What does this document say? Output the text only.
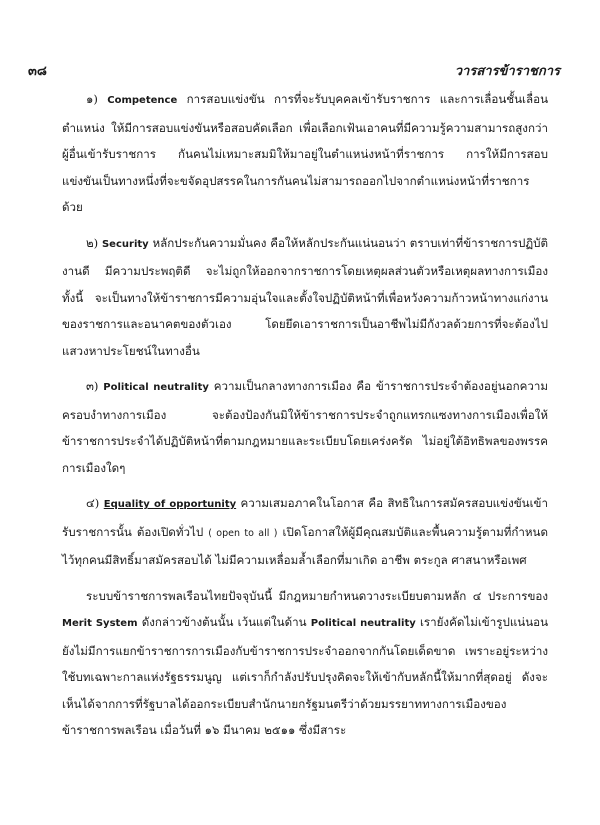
๓๘	วารสารข้าราชการ

๑) Competence การสอบแข่งขัน การที่จะรับบุคคลเข้ารับราชการ และการเลื่อนชั้นเลื่อนตำแหน่ง ให้มีการสอบแข่งขันหรือสอบคัดเลือก เพื่อเลือกเฟ้นเอาคนที่มีความรู้ความสามารถสูงกว่าผู้อื่นเข้ารับราชการ กันคนไม่เหมาะสมมิให้มาอยู่ในตำแหน่งหน้าที่ราชการ การให้มีการสอบแข่งขันเป็นทางหนึ่งที่จะขจัดอุปสรรคในการกันคนไม่สามารถออกไปจากตำแหน่งหน้าที่ราชการด้วย

๒) Security หลักประกันความมั่นคง คือให้หลักประกันแน่นอนว่า ตราบเท่าที่ข้าราชการปฏิบัติงานดี มีความประพฤติดี จะไม่ถูกให้ออกจากราชการโดยเหตุผลส่วนตัวหรือเหตุผลทางการเมือง ทั้งนี้ จะเป็นทางให้ข้าราชการมีความอุ่นใจและตั้งใจปฏิบัติหน้าที่เพื่อหวังความก้าวหน้าทางแก่งานของราชการและอนาคตของตัวเอง โดยยึดเอาราชการเป็นอาชีพไม่มีกังวลด้วยการที่จะต้องไปแสวงหาประโยชน์ในทางอื่น

๓) Political neutrality ความเป็นกลางทางการเมือง คือ ข้าราชการประจำต้องอยู่นอกความครอบงำทางการเมือง จะต้องป้องกันมิให้ข้าราชการประจำถูกแทรกแซงทางการเมืองเพื่อให้ข้าราชการประจำได้ปฏิบัติหน้าที่ตามกฎหมายและระเบียบโดยเคร่งครัด ไม่อยู่ใต้อิทธิพลของพรรคการเมืองใดๆ

๔) Equality of opportunity ความเสมอภาคในโอกาส คือ สิทธิในการสมัครสอบแข่งขันเข้ารับราชการนั้น ต้องเปิดทั่วไป ( open to all ) เปิดโอกาสให้ผู้มีคุณสมบัติและพื้นความรู้ตามที่กำหนดไว้ทุกคนมีสิทธิ์มาสมัครสอบได้ ไม่มีความเหลื่อมล้ำเลือกที่มาเกิด อาชีพ ตระกูล ศาสนาหรือเพศ

ระบบข้าราชการพลเรือนไทยปัจจุบันนี้ มีกฎหมายกำหนดวางระเบียบตามหลัก ๔ ประการของ Merit System ดังกล่าวข้างต้นนั้น เว้นแต่ในด้าน Political neutrality เรายังคัดไม่เข้ารูปแน่นอน ยังไม่มีการแยกข้าราชการการเมืองกับข้าราชการประจำออกจากกันโดยเด็ดขาด เพราะอยู่ระหว่างใช้บทเฉพาะกาลแห่งรัฐธรรมนูญ แต่เราก็กำลังปรับปรุงคิดจะให้เข้ากับหลักนี้ให้มากที่สุดอยู่ ดังจะเห็นได้จากการที่รัฐบาลได้ออกระเบียบสำนักนายกรัฐมนตรีว่าด้วยมรรยาททางการเมืองของข้าราชการพลเรือน เมื่อวันที่ ๑๖ มีนาคม ๒๕๑๑ ซึ่งมีสาระ
